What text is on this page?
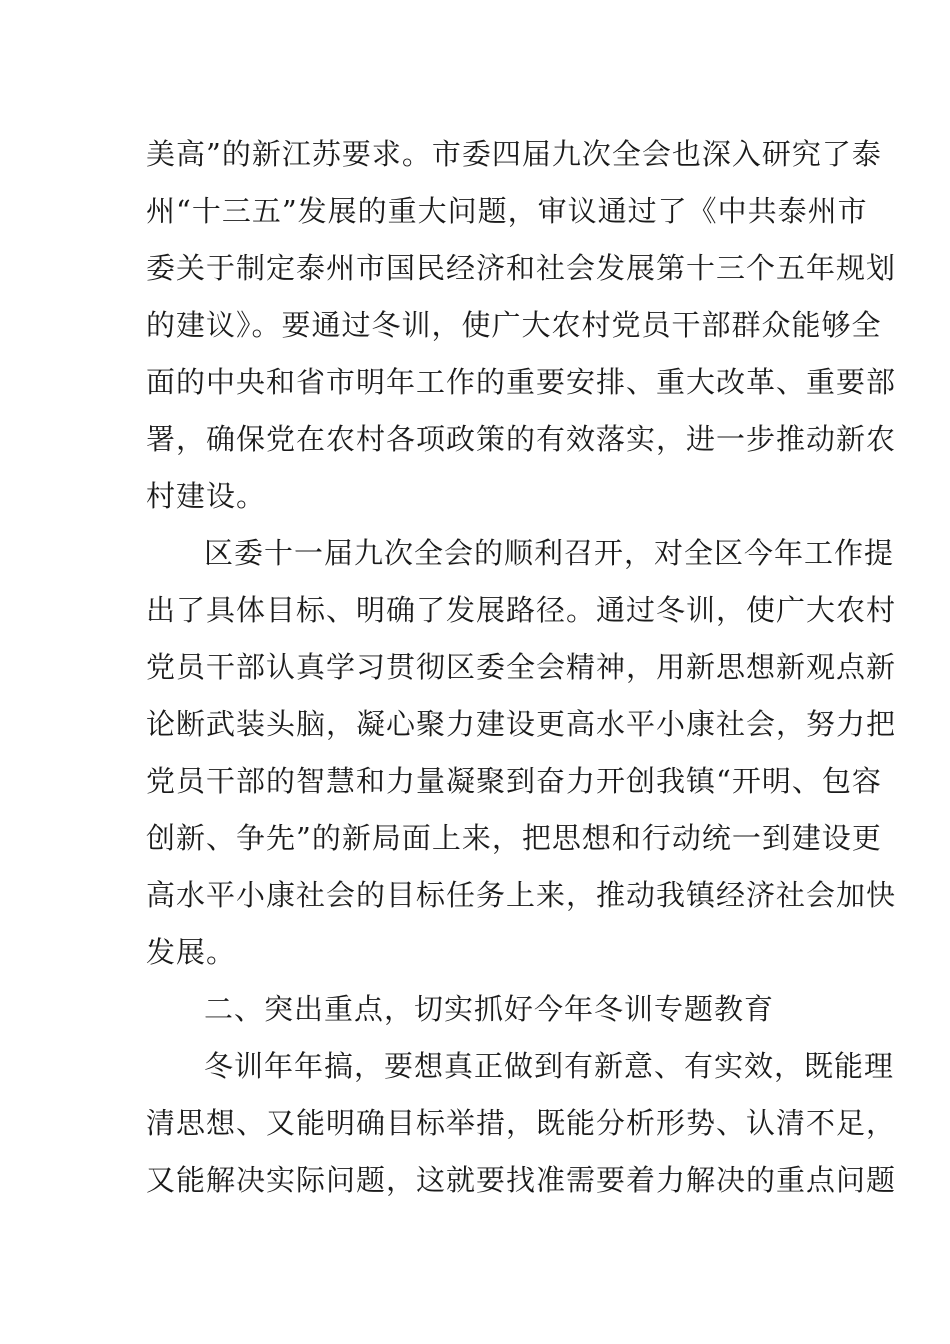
美高”的新江苏要求。市委四届九次全会也深入研究了泰
州“十三五”发展的重大问题，审议通过了《中共泰州市
委关于制定泰州市国民经济和社会发展第十三个五年规划
的建议》。要通过冬训，使广大农村党员干部群众能够全
面的中央和省市明年工作的重要安排、重大改革、重要部
署，确保党在农村各项政策的有效落实，进一步推动新农
村建设。
区委十一届九次全会的顺利召开，对全区今年工作提
出了具体目标、明确了发展路径。通过冬训，使广大农村
党员干部认真学习贯彻区委全会精神，用新思想新观点新
论断武装头脑，凝心聚力建设更高水平小康社会，努力把
党员干部的智慧和力量凝聚到奋力开创我镇“开明、包容
创新、争先”的新局面上来，把思想和行动统一到建设更
高水平小康社会的目标任务上来，推动我镇经济社会加快
发展。
二、突出重点，切实抓好今年冬训专题教育
冬训年年搞，要想真正做到有新意、有实效，既能理
清思想、又能明确目标举措，既能分析形势、认清不足，
又能解决实际问题，这就要找准需要着力解决的重点问题
